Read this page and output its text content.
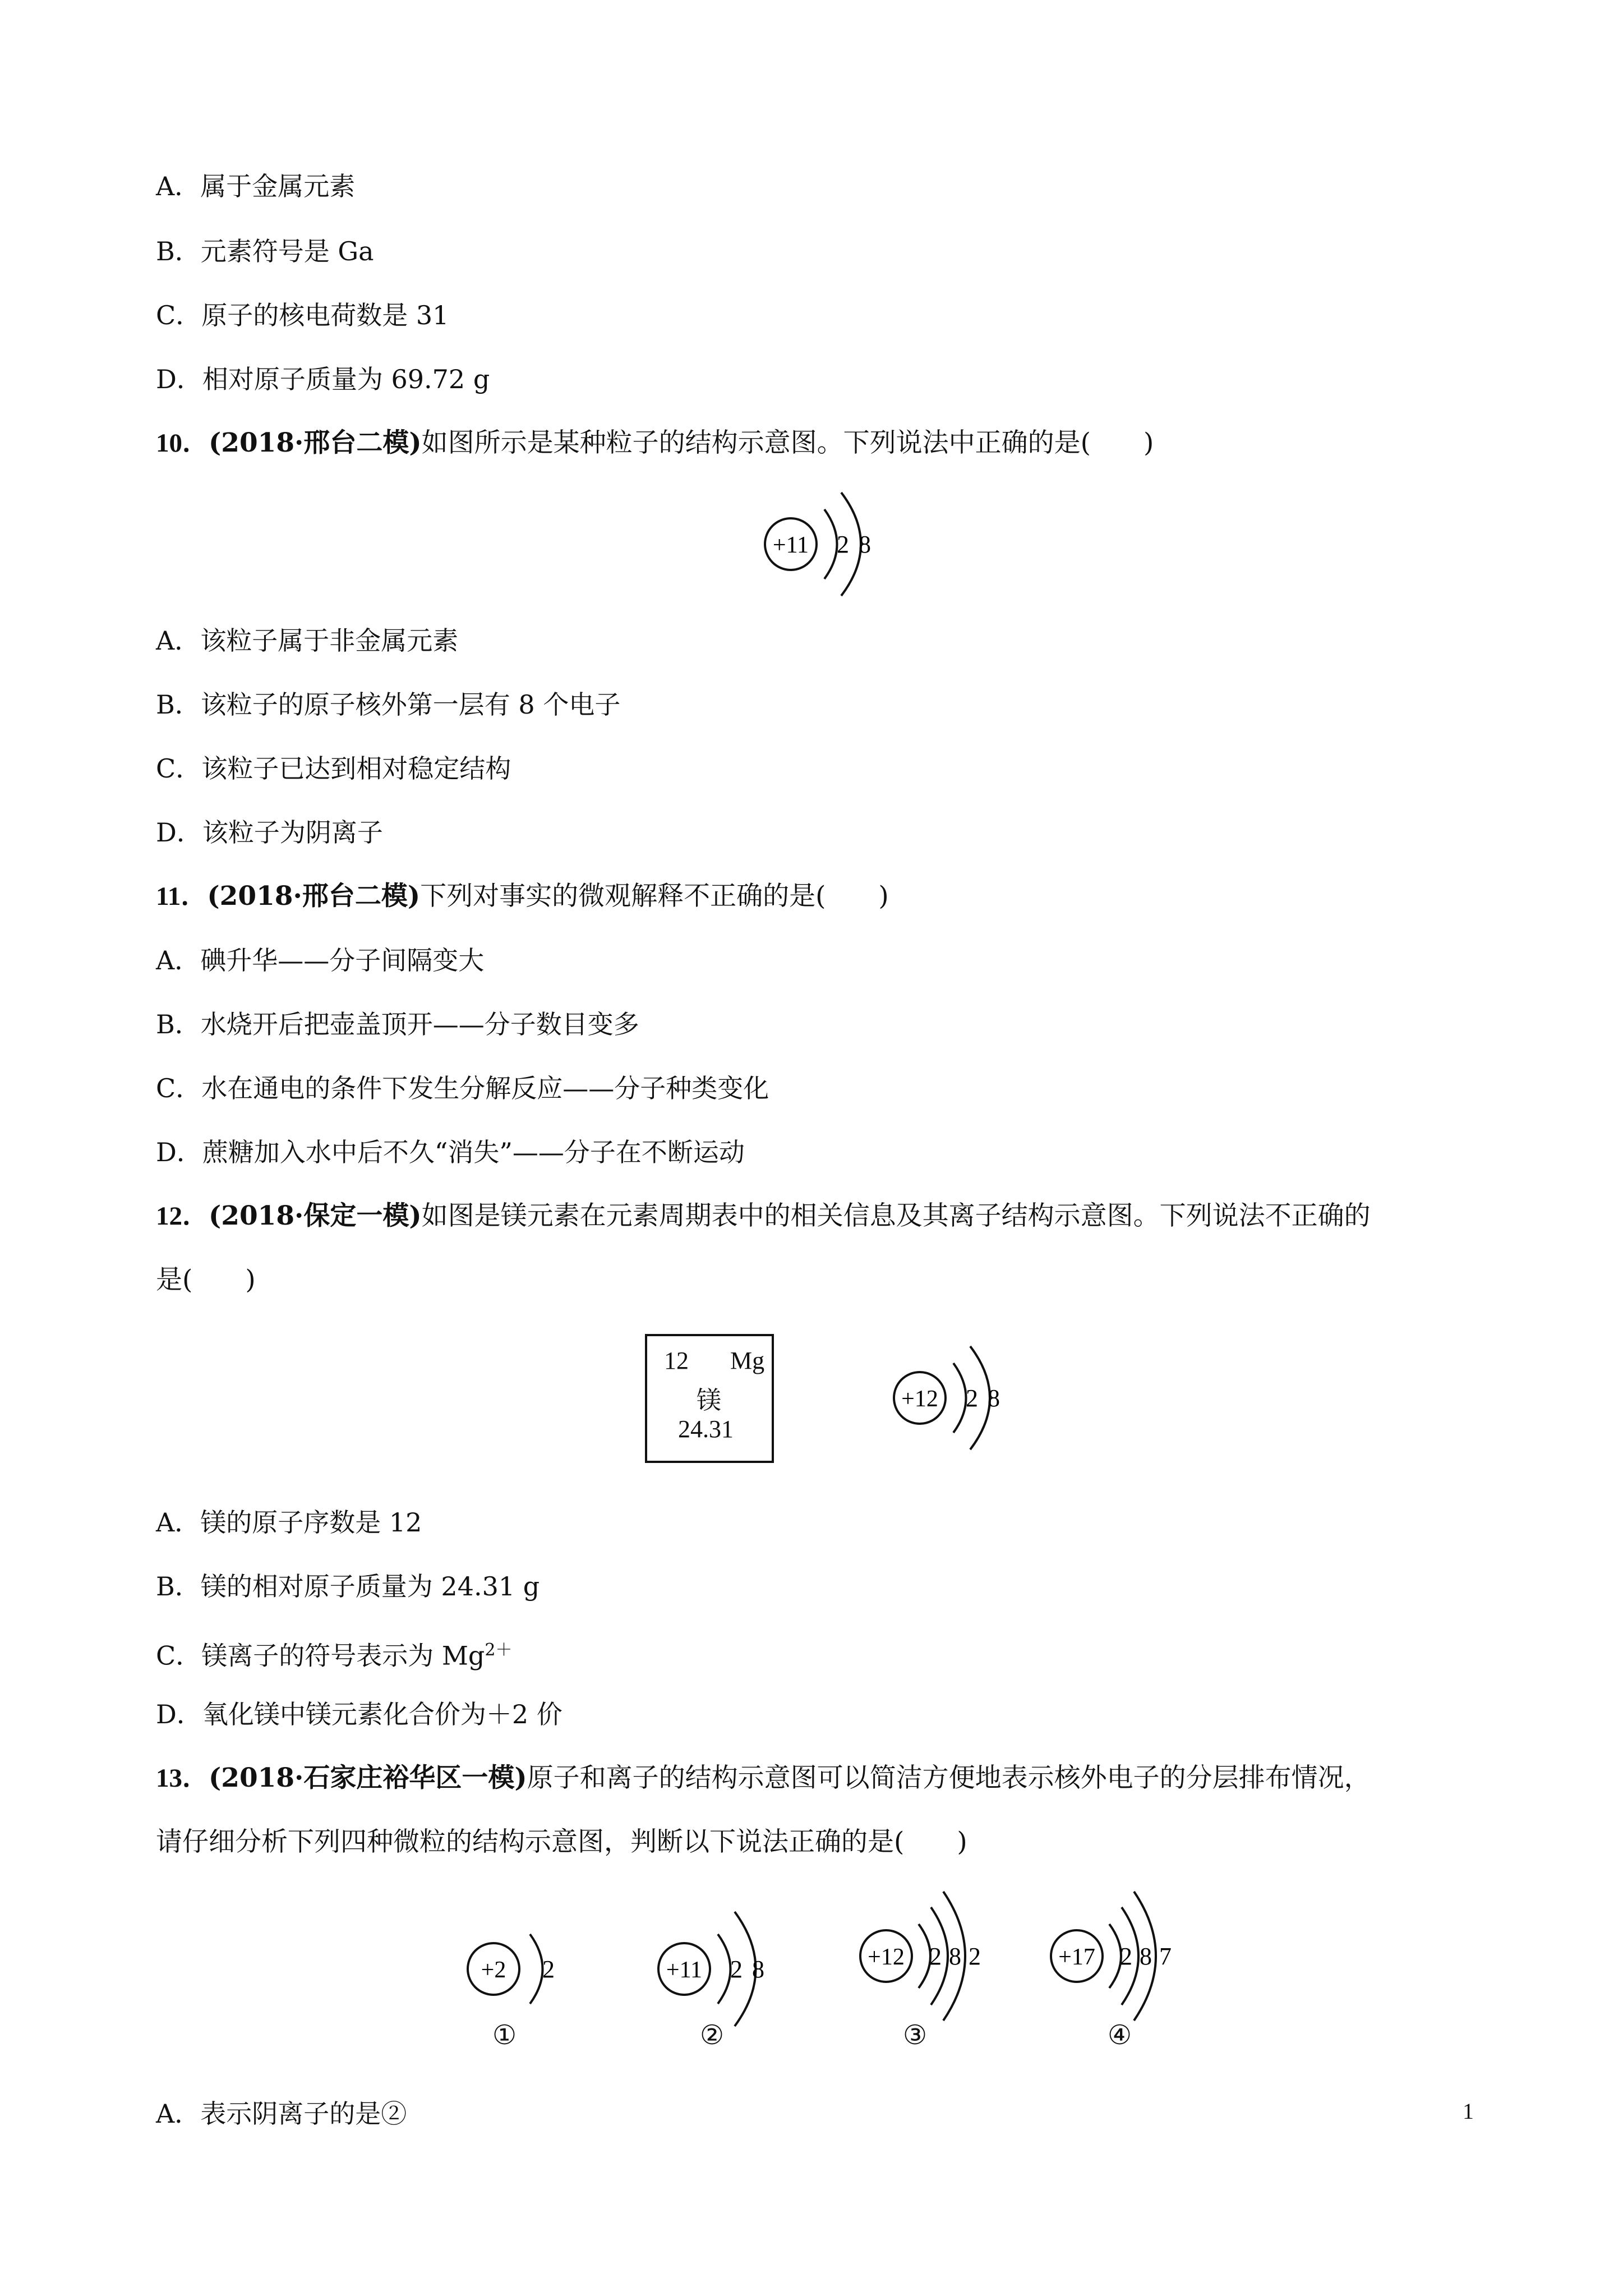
A．属于金属元素
B．元素符号是 Ga
C．原子的核电荷数是 31
D．相对原子质量为 69.72 g
10．(2018·邢台二模)如图所示是某种粒子的结构示意图。下列说法中正确的是(　　)
+11 2 8
A．该粒子属于非金属元素
B．该粒子的原子核外第一层有 8 个电子
C．该粒子已达到相对稳定结构
D．该粒子为阴离子
11．(2018·邢台二模)下列对事实的微观解释不正确的是(　　)
A．碘升华——分子间隔变大
B．水烧开后把壶盖顶开——分子数目变多
C．水在通电的条件下发生分解反应——分子种类变化
D．蔗糖加入水中后不久“消失”——分子在不断运动
12．(2018·保定一模)如图是镁元素在元素周期表中的相关信息及其离子结构示意图。下列说法不正确的
是(　　)
12 Mg
镁
24.31
+12 2 8
A．镁的原子序数是 12
B．镁的相对原子质量为 24.31 g
C．镁离子的符号表示为 $Mg^{2+}$
D．氧化镁中镁元素化合价为＋2 价
13．(2018·石家庄裕华区一模)原子和离子的结构示意图可以简洁方便地表示核外电子的分层排布情况，
请仔细分析下列四种微粒的结构示意图，判断以下说法正确的是(　　)
+2 2
①
+11 2 8
②
+12 2 8 2
③
+17 2 8 7
④
A．表示阴离子的是②	1
